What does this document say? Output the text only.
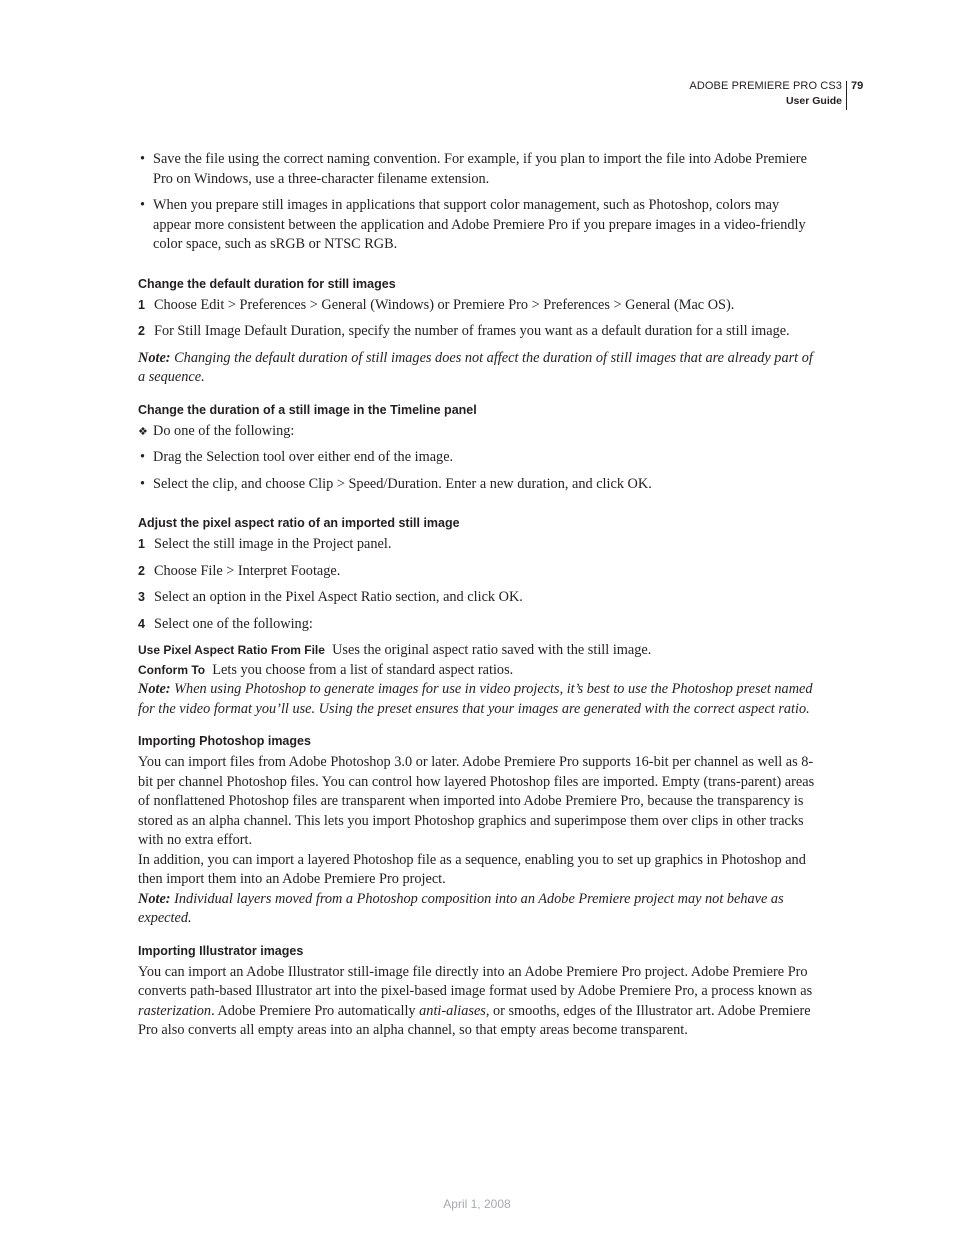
ADOBE PREMIERE PRO CS3
User Guide
79
• Save the file using the correct naming convention. For example, if you plan to import the file into Adobe Premiere Pro on Windows, use a three-character filename extension.

• When you prepare still images in applications that support color management, such as Photoshop, colors may appear more consistent between the application and Adobe Premiere Pro if you prepare images in a video-friendly color space, such as sRGB or NTSC RGB.

Change the default duration for still images
1 Choose Edit > Preferences > General (Windows) or Premiere Pro > Preferences > General (Mac OS).

2 For Still Image Default Duration, specify the number of frames you want as a default duration for a still image.

Note: Changing the default duration of still images does not affect the duration of still images that are already part of a sequence.

Change the duration of a still image in the Timeline panel
❖ Do one of the following:

• Drag the Selection tool over either end of the image.

• Select the clip, and choose Clip > Speed/Duration. Enter a new duration, and click OK.

Adjust the pixel aspect ratio of an imported still image
1 Select the still image in the Project panel.

2 Choose File > Interpret Footage.

3 Select an option in the Pixel Aspect Ratio section, and click OK.

4 Select one of the following:

Use Pixel Aspect Ratio From File Uses the original aspect ratio saved with the still image.

Conform To Lets you choose from a list of standard aspect ratios.

Note: When using Photoshop to generate images for use in video projects, it’s best to use the Photoshop preset named for the video format you’ll use. Using the preset ensures that your images are generated with the correct aspect ratio.

Importing Photoshop images

You can import files from Adobe Photoshop 3.0 or later. Adobe Premiere Pro supports 16-bit per channel as well as 8-bit per channel Photoshop files. You can control how layered Photoshop files are imported. Empty (trans-parent) areas of nonflattened Photoshop files are transparent when imported into Adobe Premiere Pro, because the transparency is stored as an alpha channel. This lets you import Photoshop graphics and superimpose them over clips in other tracks with no extra effort.

In addition, you can import a layered Photoshop file as a sequence, enabling you to set up graphics in Photoshop and then import them into an Adobe Premiere Pro project.

Note: Individual layers moved from a Photoshop composition into an Adobe Premiere project may not behave as expected.

Importing Illustrator images

You can import an Adobe Illustrator still-image file directly into an Adobe Premiere Pro project. Adobe Premiere Pro converts path-based Illustrator art into the pixel-based image format used by Adobe Premiere Pro, a process known as rasterization. Adobe Premiere Pro automatically anti-aliases, or smooths, edges of the Illustrator art. Adobe Premiere Pro also converts all empty areas into an alpha channel, so that empty areas become transparent.

April 1, 2008
